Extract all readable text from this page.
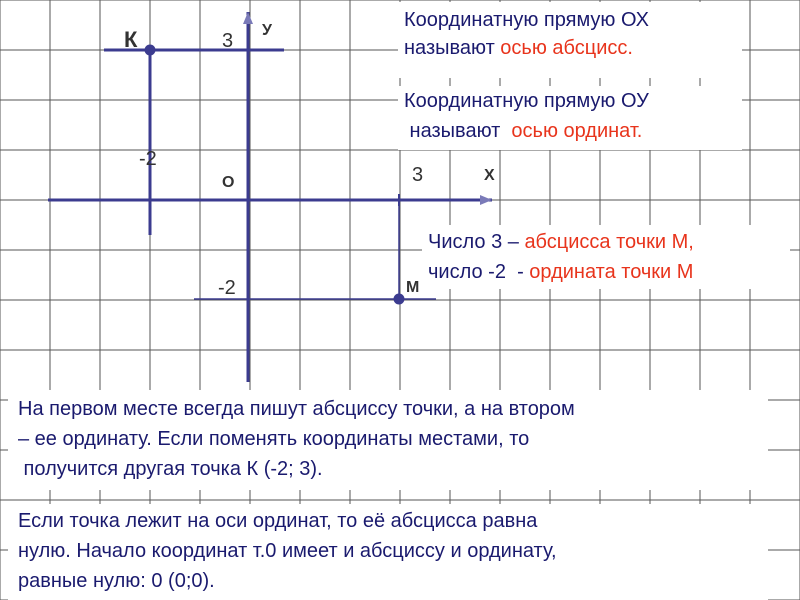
К	3 У
-2
О	3	Х
-2	М
Координатную прямую ОХ
называют осью абсцисс.
Координатную прямую ОУ
называют  осью ординат.
Число 3 – абсцисса точки М,
число -2  - ордината точки М
На первом месте всегда пишут абсциссу точки, а на втором
– ее ординату. Если поменять координаты местами, то
получится другая точка К (-2; 3).
Если точка лежит на оси ординат, то её абсцисса равна
нулю. Начало координат т.0 имеет и абсциссу и ординату,
равные нулю: 0 (0;0).
